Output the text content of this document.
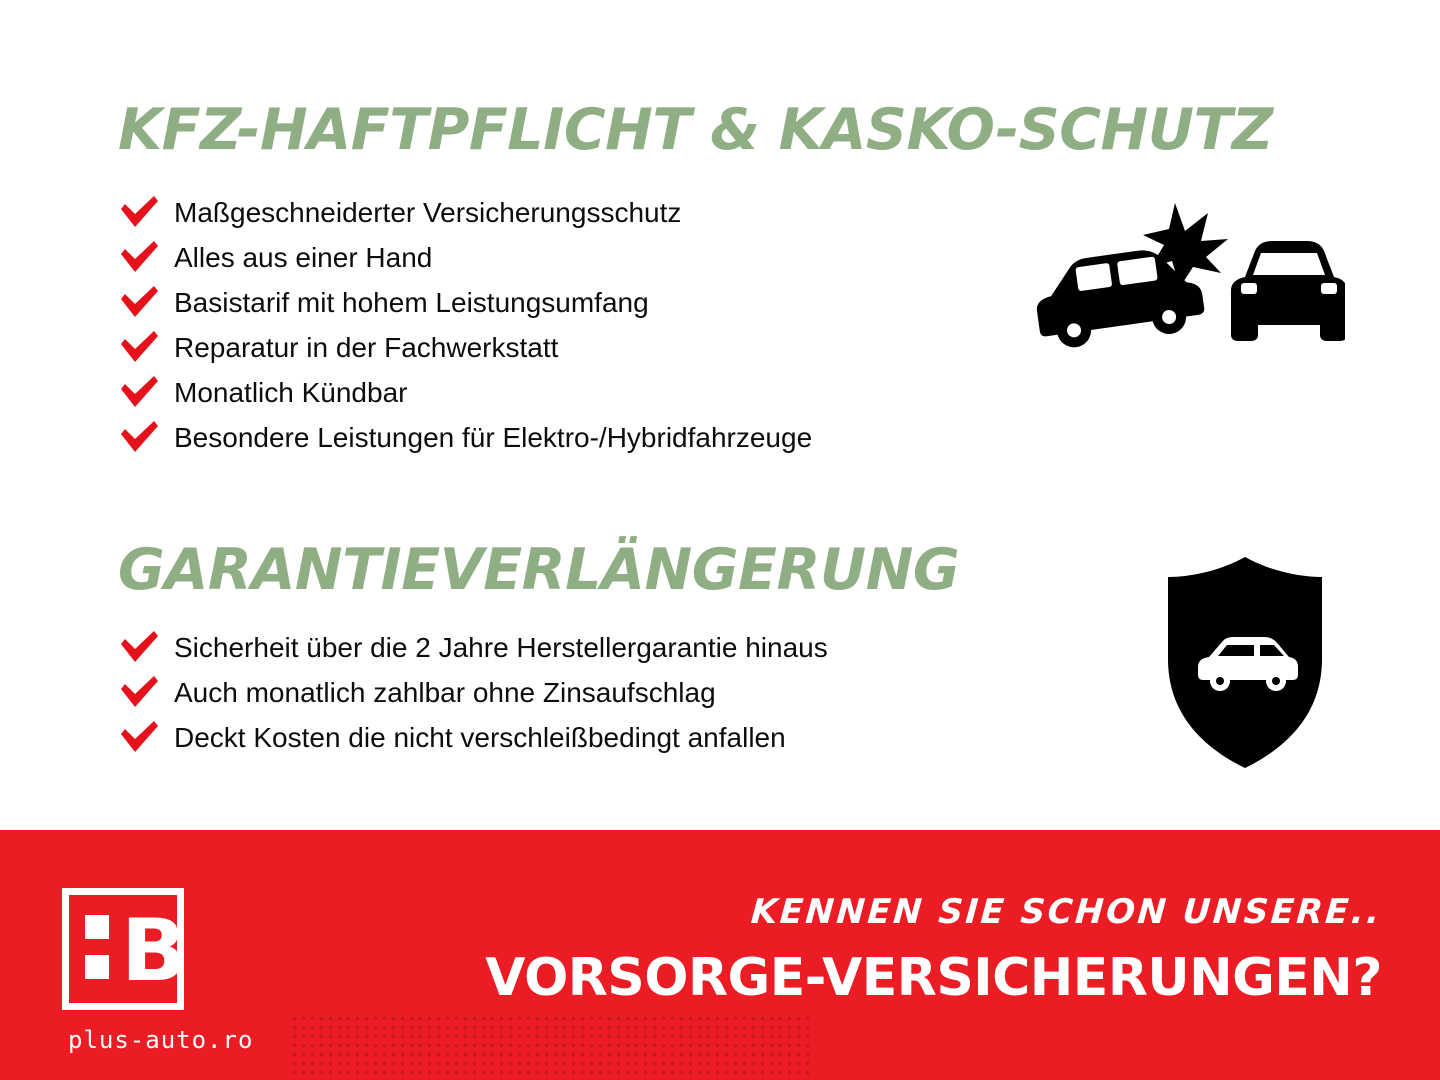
KFZ-HAFTPFLICHT & KASKO-SCHUTZ
Maßgeschneiderter Versicherungsschutz
Alles aus einer Hand
Basistarif mit hohem Leistungsumfang
Reparatur in der Fachwerkstatt
Monatlich Kündbar
Besondere Leistungen für Elektro-/Hybridfahrzeuge
GARANTIEVERLÄNGERUNG
Sicherheit über die 2 Jahre Herstellergarantie hinaus
Auch monatlich zahlbar ohne Zinsaufschlag
Deckt Kosten die nicht verschleißbedingt anfallen
B
plus-auto.ro
KENNEN SIE SCHON UNSERE..
VORSORGE-VERSICHERUNGEN?
